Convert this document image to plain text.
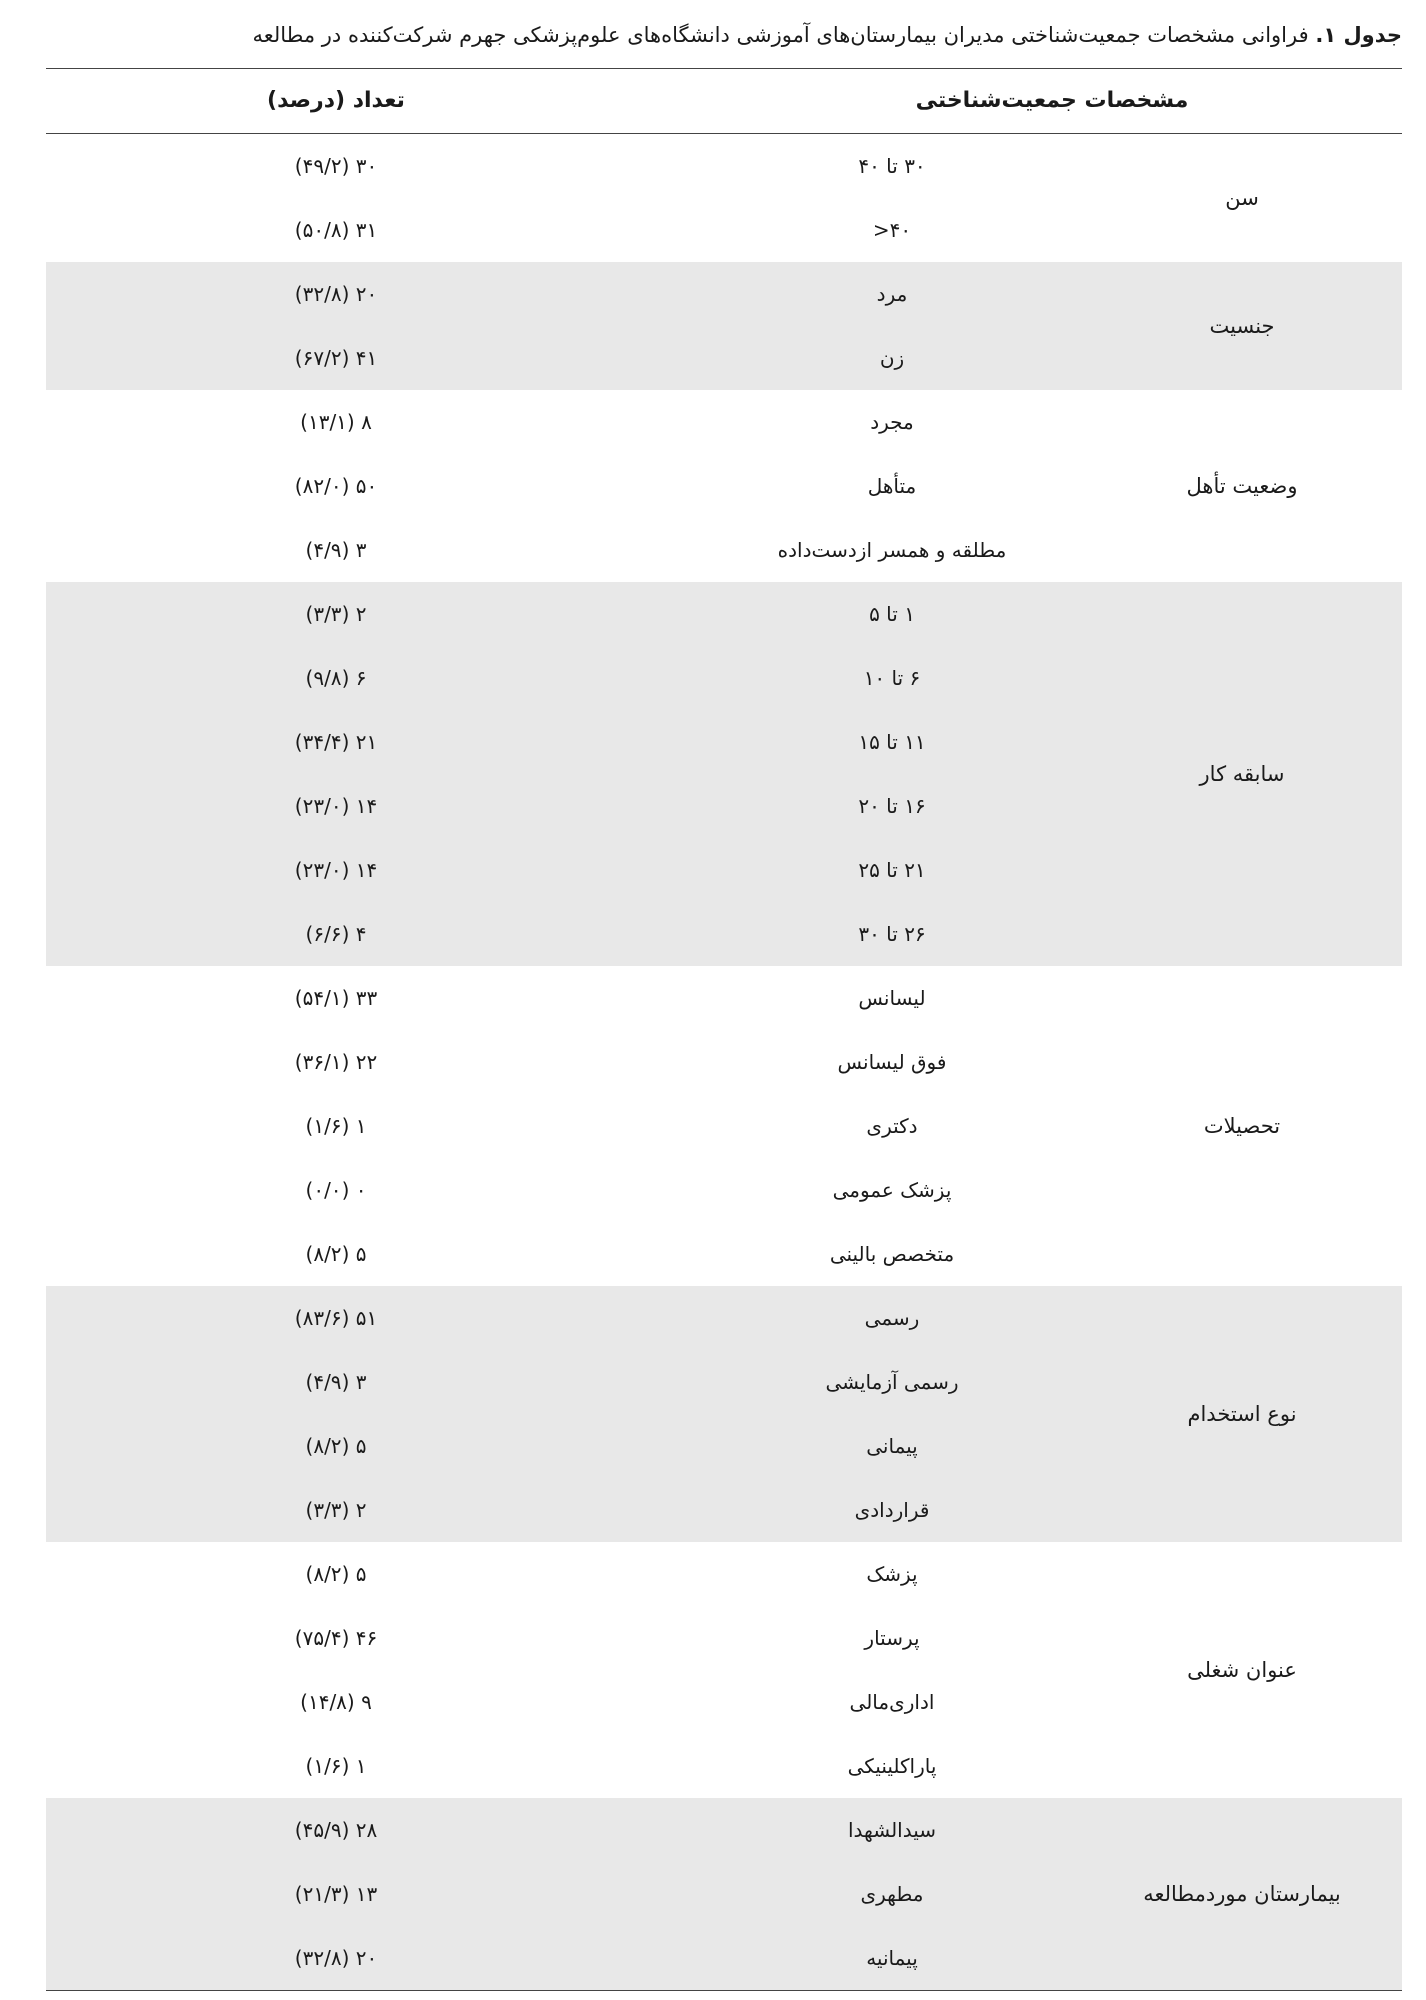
جدول ۱. فراوانی مشخصات جمعیت‌شناختی مدیران بیمارستان‌های آموزشی دانشگاه‌های علوم‌پزشکی جهرم شرکت‌کننده در مطالعه
مشخصات جمعیت‌شناختی
تعداد (درصد)
سن
۳۰ تا ۴۰
۳۰ (۴۹/۲)
۴۰<
۳۱ (۵۰/۸)
جنسیت
مرد
۲۰ (۳۲/۸)
زن
۴۱ (۶۷/۲)
وضعیت تأهل
مجرد
۸ (۱۳/۱)
متأهل
۵۰ (۸۲/۰)
مطلقه و همسر ازدست‌داده
۳ (۴/۹)
سابقه کار
۱ تا ۵
۲ (۳/۳)
۶ تا ۱۰
۶ (۹/۸)
۱۱ تا ۱۵
۲۱ (۳۴/۴)
۱۶ تا ۲۰
۱۴ (۲۳/۰)
۲۱ تا ۲۵
۱۴ (۲۳/۰)
۲۶ تا ۳۰
۴ (۶/۶)
تحصیلات
لیسانس
۳۳ (۵۴/۱)
فوق لیسانس
۲۲ (۳۶/۱)
دکتری
۱ (۱/۶)
پزشک عمومی
۰ (۰/۰)
متخصص بالینی
۵ (۸/۲)
نوع استخدام
رسمی
۵۱ (۸۳/۶)
رسمی آزمایشی
۳ (۴/۹)
پیمانی
۵ (۸/۲)
قراردادی
۲ (۳/۳)
عنوان شغلی
پزشک
۵ (۸/۲)
پرستار
۴۶ (۷۵/۴)
اداری‌مالی
۹ (۱۴/۸)
پاراکلینیکی
۱ (۱/۶)
بیمارستان موردمطالعه
سیدالشهدا
۲۸ (۴۵/۹)
مطهری
۱۳ (۲۱/۳)
پیمانیه
۲۰ (۳۲/۸)
